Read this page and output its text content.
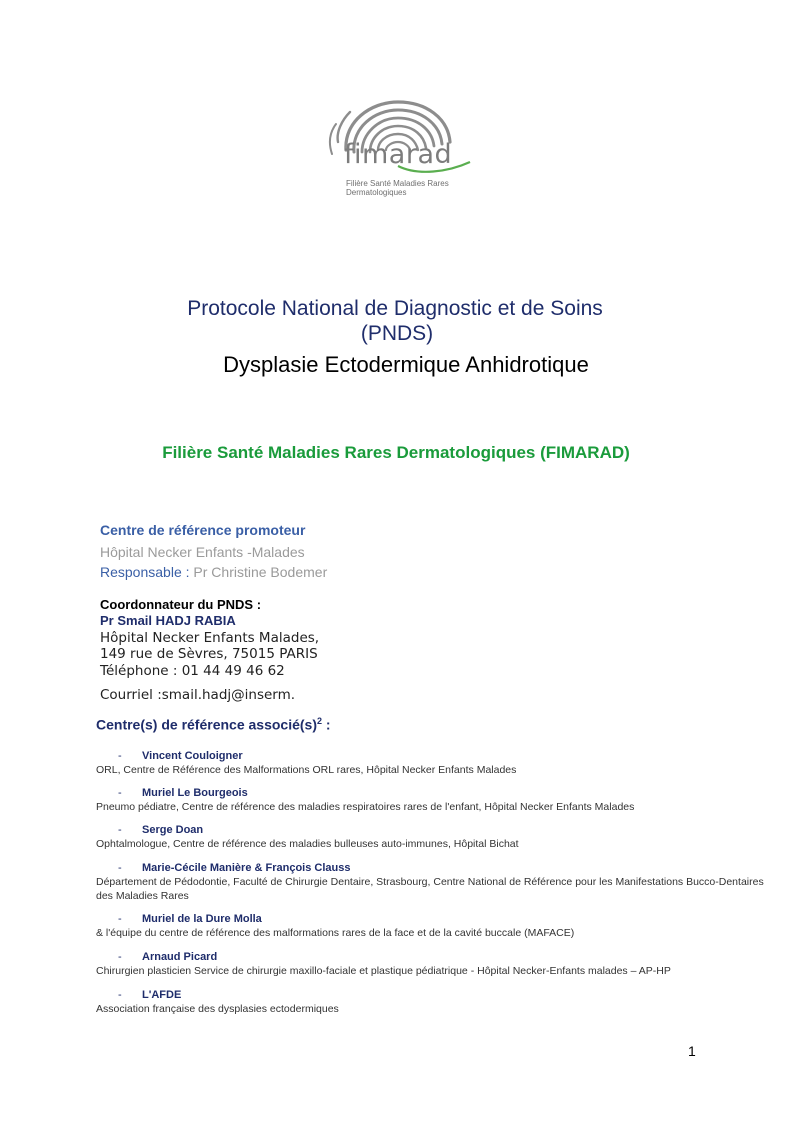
fimarad
Filière Santé Maladies Rares
Dermatologiques
Protocole National de Diagnostic et de Soins
(PNDS)
Dysplasie Ectodermique Anhidrotique
Filière Santé Maladies Rares Dermatologiques (FIMARAD)
Centre de référence promoteur
Hôpital Necker Enfants -Malades
Responsable : Pr Christine Bodemer
Coordonnateur du PNDS :
Pr Smail HADJ RABIA
Hôpital Necker Enfants Malades,
149 rue de Sèvres, 75015 PARIS
Téléphone : 01 44 49 46 62
Courriel :smail.hadj@inserm.
Centre(s) de référence $associé(s)^2$ :
- Vincent Couloigner
ORL, Centre de Référence des Malformations ORL rares, Hôpital Necker Enfants Malades
- Muriel Le Bourgeois
Pneumo pédiatre, Centre de référence des maladies respiratoires rares de l'enfant, Hôpital Necker Enfants Malades
- Serge Doan
Ophtalmologue, Centre de référence des maladies bulleuses auto-immunes, Hôpital Bichat
- Marie-Cécile Manière & François Clauss
Département de Pédodontie, Faculté de Chirurgie Dentaire, Strasbourg, Centre National de Référence pour les Manifestations Bucco-Dentaires des Maladies Rares
- Muriel de la Dure Molla
& l'équipe du centre de référence des malformations rares de la face et de la cavité buccale (MAFACE)
- Arnaud Picard
Chirurgien plasticien Service de chirurgie maxillo-faciale et plastique pédiatrique - Hôpital Necker-Enfants malades – AP-HP
- L'AFDE
Association française des dysplasies ectodermiques
1
